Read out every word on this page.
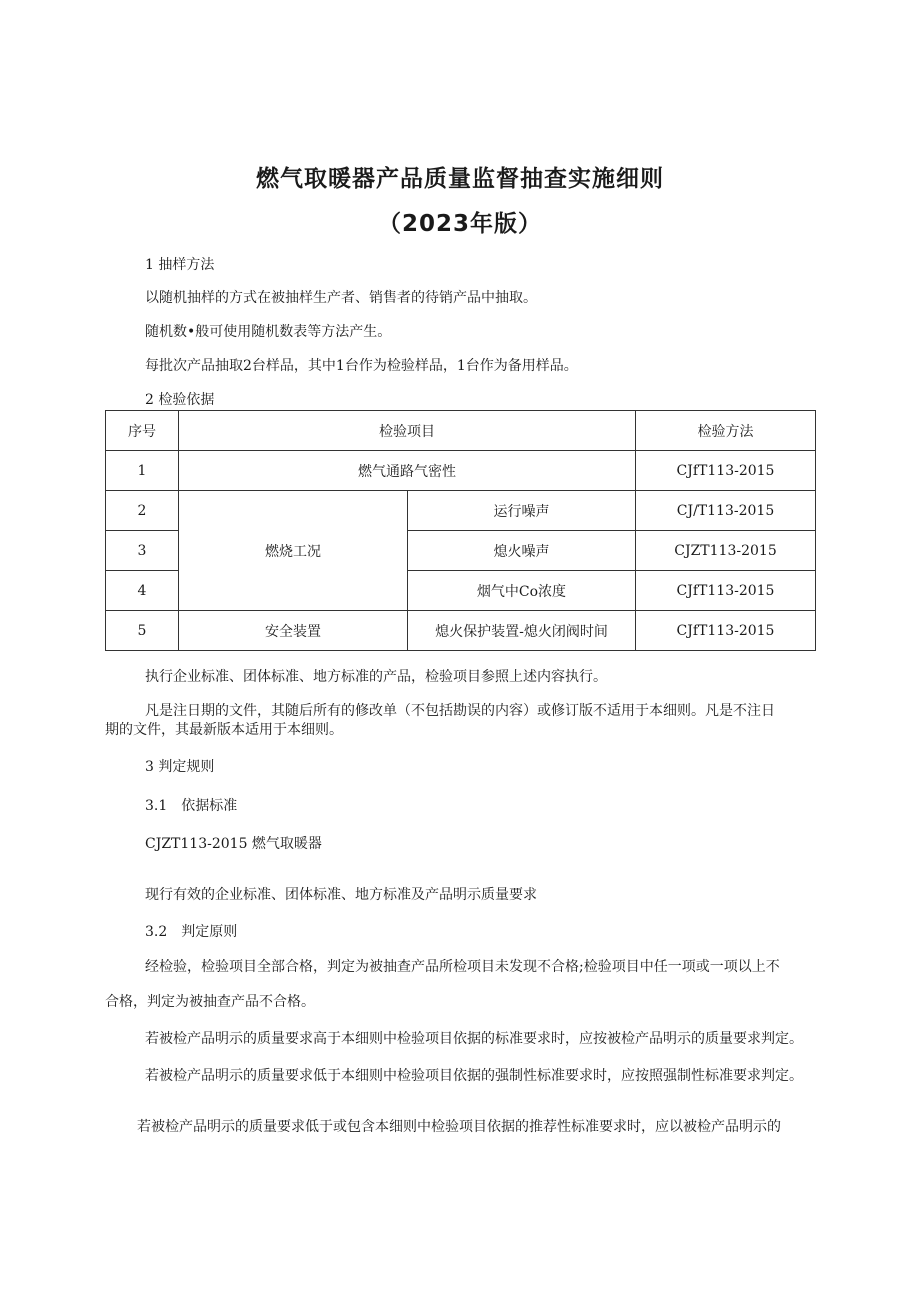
燃气取暖器产品质量监督抽查实施细则
（2023年版）
1 抽样方法
以随机抽样的方式在被抽样生产者、销售者的待销产品中抽取。
随机数•般可使用随机数表等方法产生。
每批次产品抽取2台样品，其中1台作为检验样品，1台作为备用样品。
2 检验依据
序号	检验项目		检验方法
1	燃气通路气密性		CJfT113-2015
2	燃烧工况	运行噪声	CJ/T113-2015
3		熄火噪声	CJZT113-2015
4		烟气中Co浓度	CJfT113-2015
5	安全装置	熄火保护装置-熄火闭阀时间	CJfT113-2015
执行企业标准、团体标准、地方标准的产品，检验项目参照上述内容执行。
凡是注日期的文件，其随后所有的修改单（不包括勘误的内容）或修订版不适用于本细则。凡是不注日
期的文件，其最新版本适用于本细则。
3 判定规则
3.1　依据标准
CJZT113-2015 燃气取暖器
现行有效的企业标准、团体标准、地方标准及产品明示质量要求
3.2　判定原则
经检验，检验项目全部合格，判定为被抽查产品所检项目未发现不合格;检验项目中任一项或一项以上不
合格，判定为被抽查产品不合格。
若被检产品明示的质量要求高于本细则中检验项目依据的标准要求时，应按被检产品明示的质量要求判定。
若被检产品明示的质量要求低于本细则中检验项目依据的强制性标准要求时，应按照强制性标准要求判定。
若被检产品明示的质量要求低于或包含本细则中检验项目依据的推荐性标准要求时，应以被检产品明示的
